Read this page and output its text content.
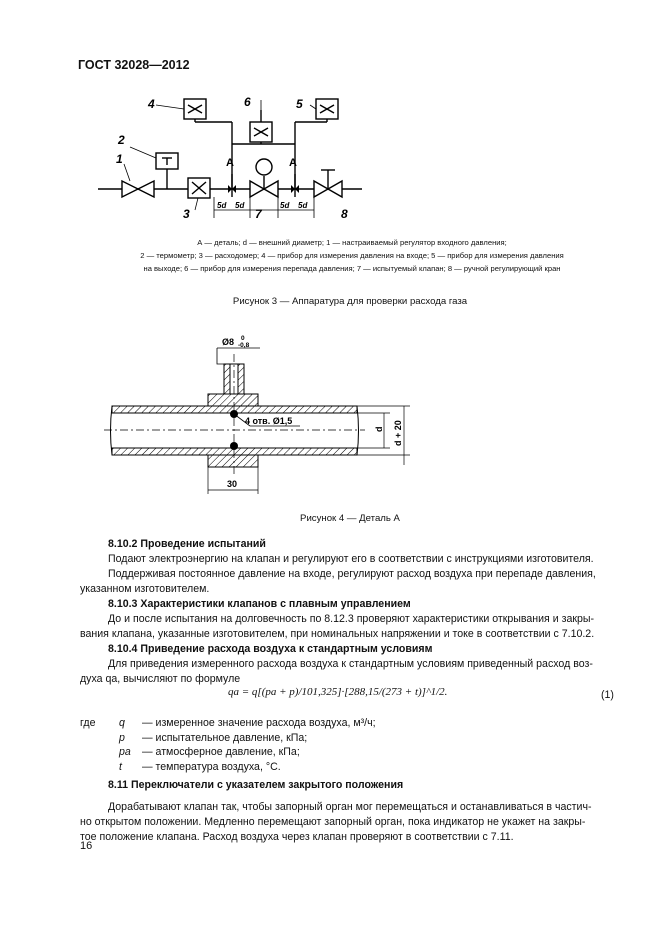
ГОСТ 32028—2012
4	6	5
2
1
3	7	8
А	А
5d 5d	5d 5d
А — деталь; d — внешний диаметр; 1 — настраиваемый регулятор входного давления;
2 — термометр; 3 — расходомер; 4 — прибор для измерения давления на входе; 5 — прибор для измерения давления
на выходе; 6 — прибор для измерения перепада давления; 7 — испытуемый клапан; 8 — ручной регулирующий кран
Рисунок 3 — Аппаратура для проверки расхода газа
Ø8 0
-0,8
4 отв. Ø1,5
30
d d + 20
Рисунок 4 — Деталь А
8.10.2 Проведение испытаний
Подают электроэнергию на клапан и регулируют его в соответствии с инструкциями изготовителя.
Поддерживая постоянное давление на входе, регулируют расход воздуха при перепаде давления,
указанном изготовителем.
8.10.3 Характеристики клапанов с плавным управлением
До и после испытания на долговечность по 8.12.3 проверяют характеристики открывания и закры-
вания клапана, указанные изготовителем, при номинальных напряжении и токе в соответствии с 7.10.2.
8.10.4 Приведение расхода воздуха к стандартным условиям
Для приведения измеренного расхода воздуха к стандартным условиям приведенный расход воз-
духа qa, вычисляют по формуле
qa = q[(pa + p)/101,325]·[288,15/(273 + t)]^1/2.	(1)
где q — измеренное значение расхода воздуха, м³/ч;
p — испытательное давление, кПа;
pa — атмосферное давление, кПа;
t — температура воздуха, °С.
8.11 Переключатели с указателем закрытого положения
Дорабатывают клапан так, чтобы запорный орган мог перемещаться и останавливаться в частич-
но открытом положении. Медленно перемещают запорный орган, пока индикатор не укажет на закры-
тое положение клапана. Расход воздуха через клапан проверяют в соответствии с 7.11.
16
